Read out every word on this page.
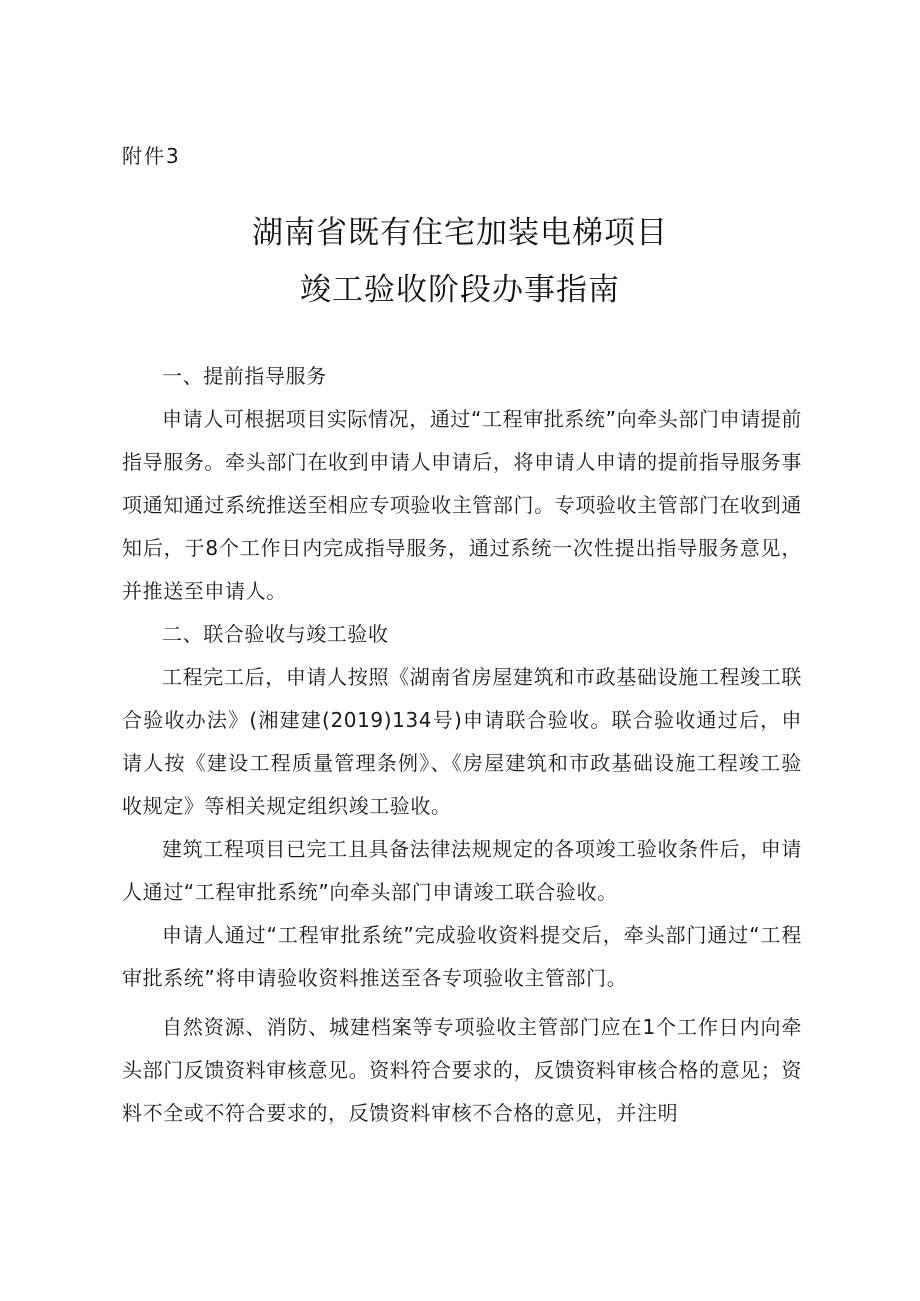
附件3
湖南省既有住宅加装电梯项目
竣工验收阶段办事指南

一、提前指导服务

申请人可根据项目实际情况，通过“工程审批系统”向牵头部门申请提前指导服务。牵头部门在收到申请人申请后，将申请人申请的提前指导服务事项通知通过系统推送至相应专项验收主管部门。专项验收主管部门在收到通知后，于8个工作日内完成指导服务，通过系统一次性提出指导服务意见，并推送至申请人。

二、联合验收与竣工验收

工程完工后，申请人按照《湖南省房屋建筑和市政基础设施工程竣工联合验收办法》(湘建建(2019)134号)申请联合验收。联合验收通过后，申请人按《建设工程质量管理条例》、《房屋建筑和市政基础设施工程竣工验收规定》等相关规定组织竣工验收。

建筑工程项目已完工且具备法律法规规定的各项竣工验收条件后，申请人通过“工程审批系统”向牵头部门申请竣工联合验收。

申请人通过“工程审批系统”完成验收资料提交后，牵头部门通过“工程审批系统”将申请验收资料推送至各专项验收主管部门。

自然资源、消防、城建档案等专项验收主管部门应在1个工作日内向牵头部门反馈资料审核意见。资料符合要求的，反馈资料审核合格的意见；资料不全或不符合要求的，反馈资料审核不合格的意见，并注明
